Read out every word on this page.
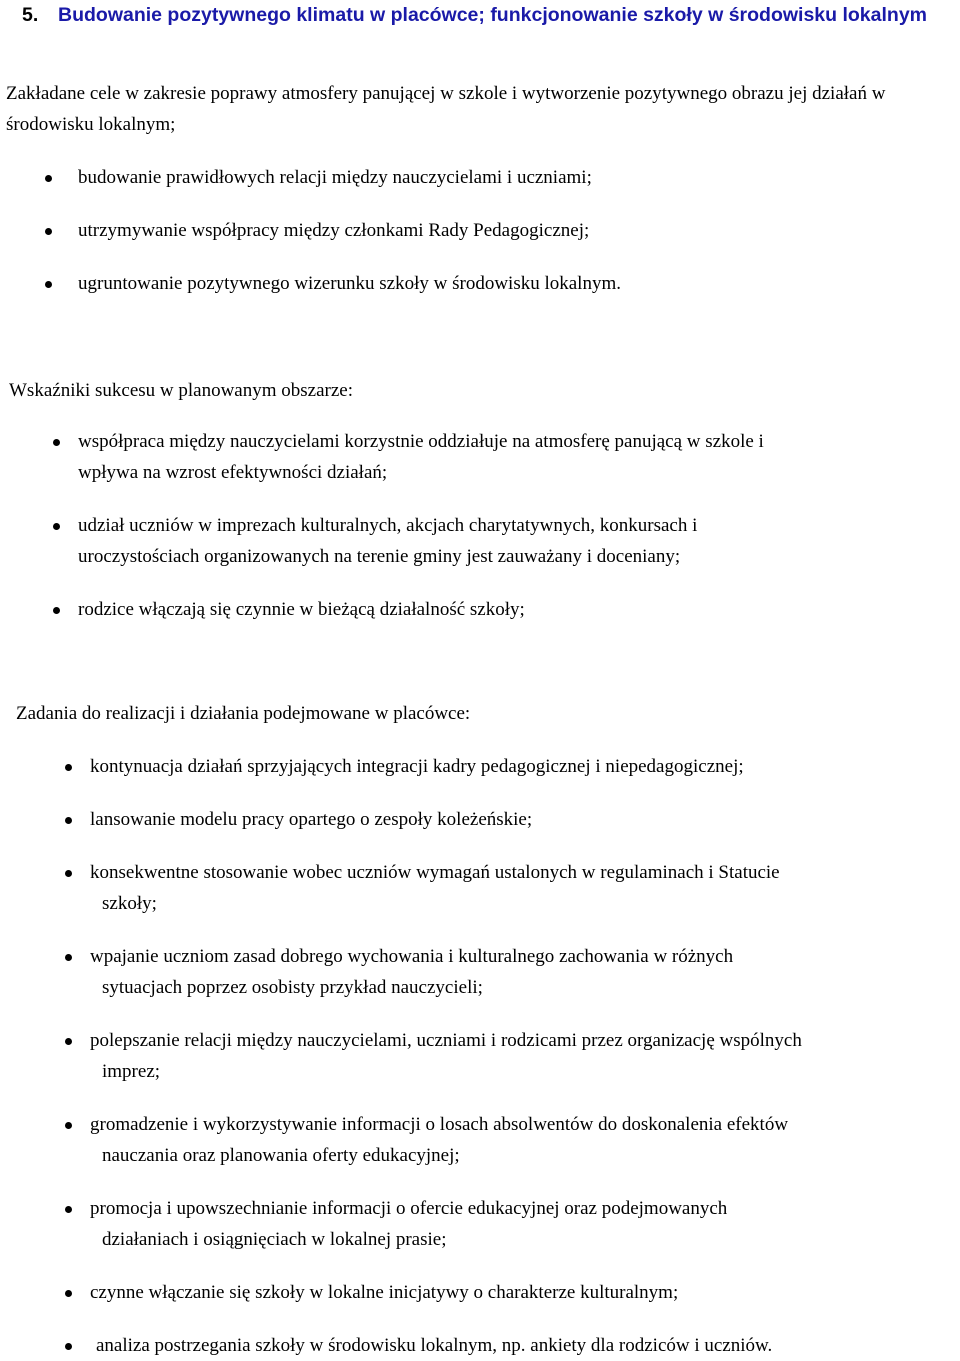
5. Budowanie pozytywnego klimatu w placówce; funkcjonowanie szkoły w środowisku lokalnym
Zakładane cele w zakresie poprawy atmosfery panującej w szkole i wytworzenie pozytywnego obrazu jej działań w środowisku lokalnym;
budowanie prawidłowych relacji między nauczycielami i uczniami;
utrzymywanie współpracy między członkami Rady Pedagogicznej;
ugruntowanie pozytywnego wizerunku szkoły w środowisku lokalnym.
Wskaźniki sukcesu w planowanym obszarze:
współpraca między nauczycielami korzystnie oddziałuje na atmosferę panującą w szkole i
wpływa na wzrost efektywności działań;
udział uczniów w imprezach kulturalnych, akcjach charytatywnych, konkursach i
uroczystościach organizowanych na terenie gminy jest zauważany i doceniany;
rodzice włączają się czynnie w bieżącą działalność szkoły;
Zadania do realizacji i działania podejmowane w placówce:
kontynuacja działań sprzyjających integracji kadry pedagogicznej i niepedagogicznej;
lansowanie modelu pracy opartego o zespoły koleżeńskie;
konsekwentne stosowanie wobec uczniów wymagań ustalonych w regulaminach i Statucie
szkoły;
wpajanie uczniom zasad dobrego wychowania i kulturalnego zachowania w różnych
sytuacjach poprzez osobisty przykład nauczycieli;
polepszanie relacji między nauczycielami, uczniami i rodzicami przez organizację wspólnych
imprez;
gromadzenie i wykorzystywanie informacji o losach absolwentów do doskonalenia efektów
nauczania oraz planowania oferty edukacyjnej;
promocja i upowszechnianie informacji o ofercie edukacyjnej oraz podejmowanych
działaniach i osiągnięciach w lokalnej prasie;
czynne włączanie się szkoły w lokalne inicjatywy o charakterze kulturalnym;
analiza postrzegania szkoły w środowisku lokalnym, np. ankiety dla rodziców i uczniów.
